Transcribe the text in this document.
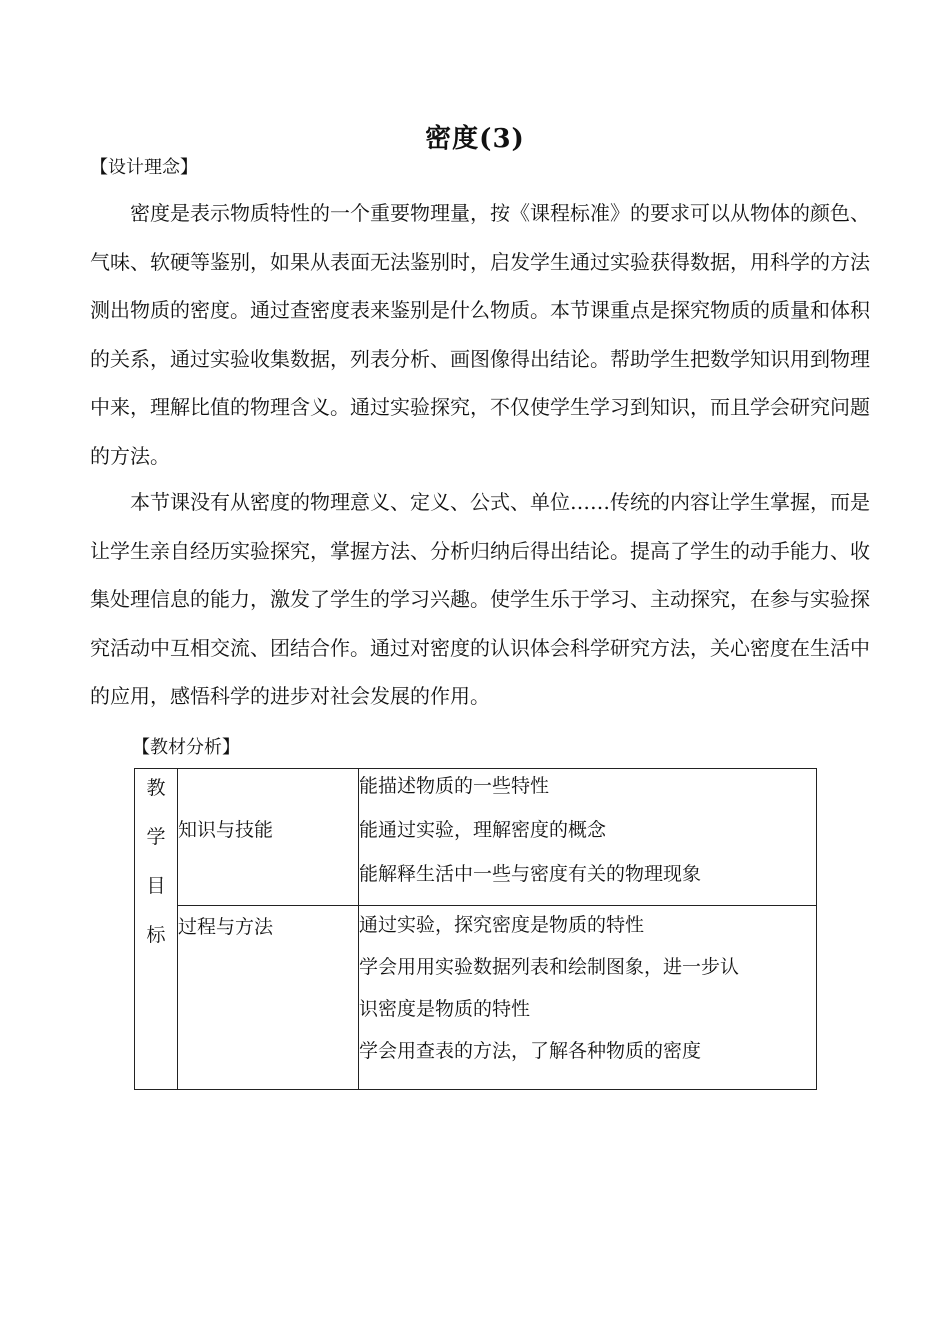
密度(3)
【设计理念】

密度是表示物质特性的一个重要物理量，按《课程标准》的要求可以从物体的颜色、气味、软硬等鉴别，如果从表面无法鉴别时，启发学生通过实验获得数据，用科学的方法测出物质的密度。通过查密度表来鉴别是什么物质。本节课重点是探究物质的质量和体积的关系，通过实验收集数据，列表分析、画图像得出结论。帮助学生把数学知识用到物理中来，理解比值的物理含义。通过实验探究，不仅使学生学习到知识，而且学会研究问题的方法。

本节课没有从密度的物理意义、定义、公式、单位……传统的内容让学生掌握，而是让学生亲自经历实验探究，掌握方法、分析归纳后得出结论。提高了学生的动手能力、收集处理信息的能力，激发了学生的学习兴趣。使学生乐于学习、主动探究，在参与实验探究活动中互相交流、团结合作。通过对密度的认识体会科学研究方法，关心密度在生活中的应用，感悟科学的进步对社会发展的作用。

【教材分析】
教
学
目
标	知识与技能	能描述物质的一些特性
能通过实验，理解密度的概念
能解释生活中一些与密度有关的物理现象

	过程与方法	通过实验，探究密度是物质的特性
学会用用实验数据列表和绘制图象，进一步认
识密度是物质的特性
学会用查表的方法，了解各种物质的密度
